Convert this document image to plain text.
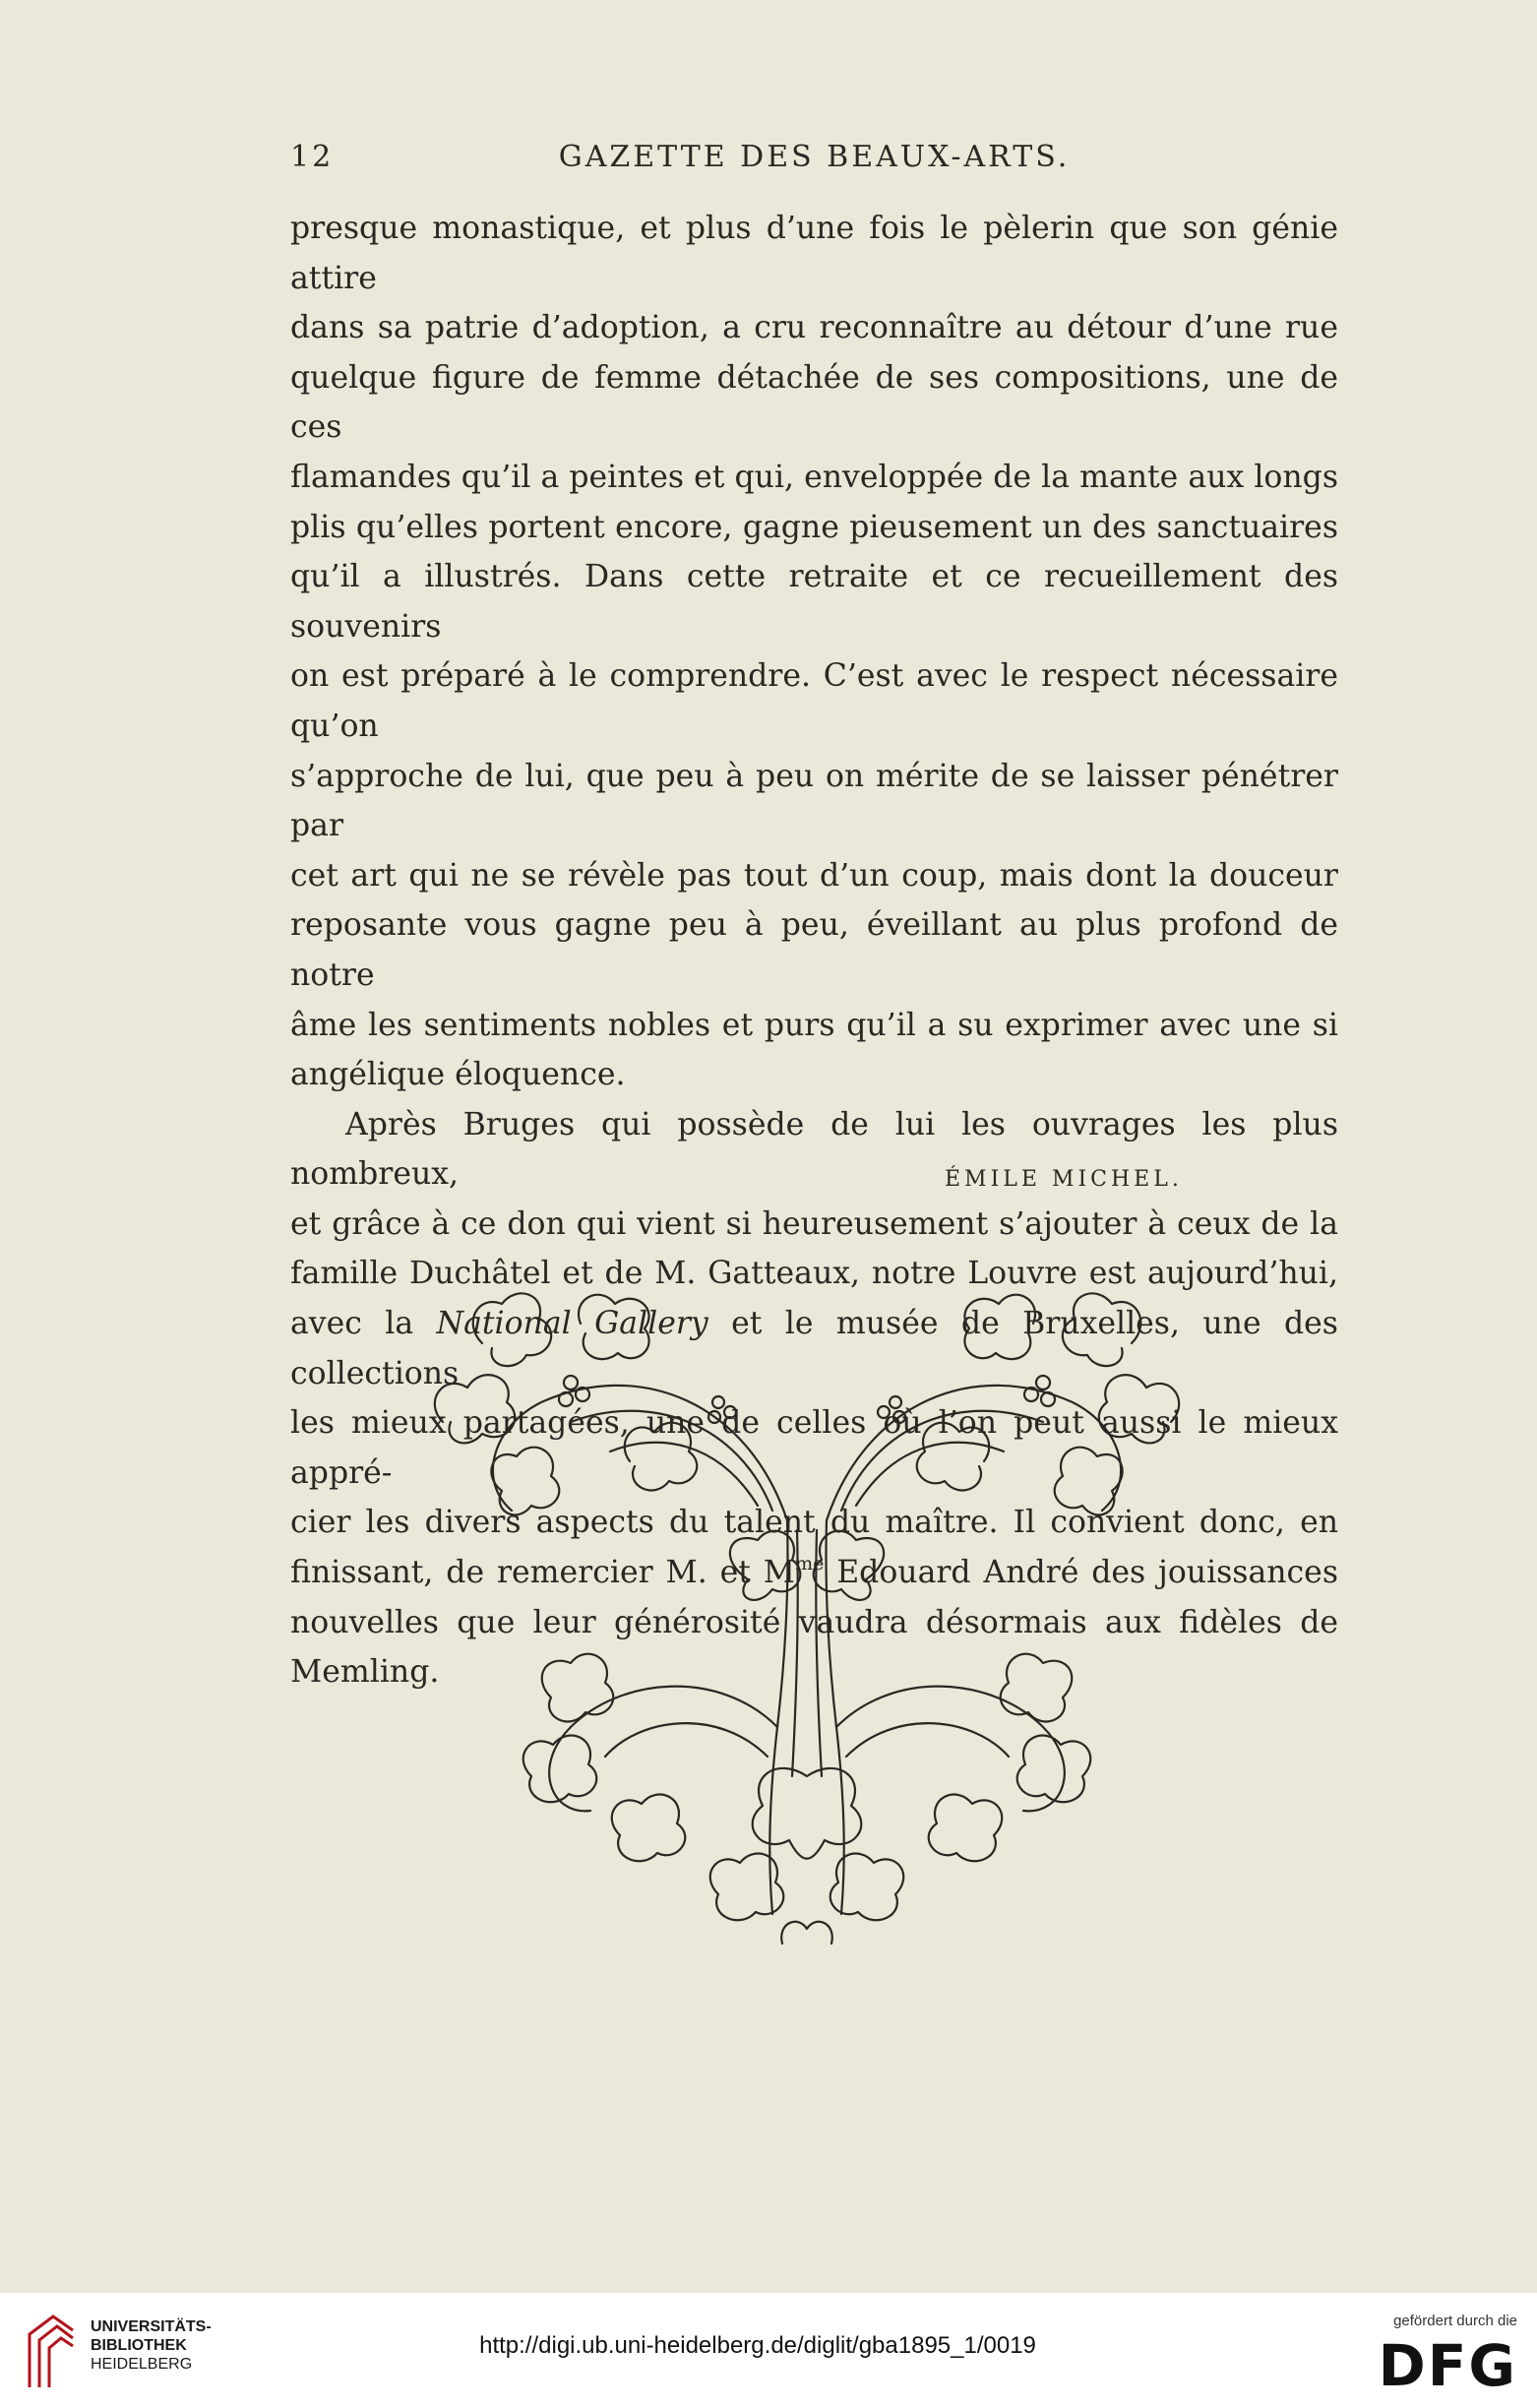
12	GAZETTE DES BEAUX-ARTS.

presque monastique, et plus d’une fois le pèlerin que son génie attire

dans sa patrie d’adoption, a cru reconnaître au détour d’une rue

quelque figure de femme détachée de ses compositions, une de ces

flamandes qu’il a peintes et qui, enveloppée de la mante aux longs

plis qu’elles portent encore, gagne pieusement un des sanctuaires

qu’il a illustrés. Dans cette retraite et ce recueillement des souvenirs

on est préparé à le comprendre. C’est avec le respect nécessaire qu’on

s’approche de lui, que peu à peu on mérite de se laisser pénétrer par

cet art qui ne se révèle pas tout d’un coup, mais dont la douceur

reposante vous gagne peu à peu, éveillant au plus profond de notre

âme les sentiments nobles et purs qu’il a su exprimer avec une si

angélique éloquence.

Après Bruges qui possède de lui les ouvrages les plus nombreux,

et grâce à ce don qui vient si heureusement s’ajouter à ceux de la

famille Duchâtel et de M. Gatteaux, notre Louvre est aujourd’hui,

avec la National Gallery et le musée de Bruxelles, une des collections

les mieux partagées, une de celles où l’on peut aussi le mieux appré-

cier les divers aspects du talent du maître. Il convient donc, en

finissant, de remercier M. et $M^{me}$ Edouard André des jouissances

nouvelles que leur générosité vaudra désormais aux fidèles de

Memling.

ÉMILE MICHEL.
UNIVERSITÄTS-
BIBLIOTHEK
HEIDELBERG
http://digi.ub.uni-heidelberg.de/diglit/gba1895_1/0019
gefördert durch die
DFG
